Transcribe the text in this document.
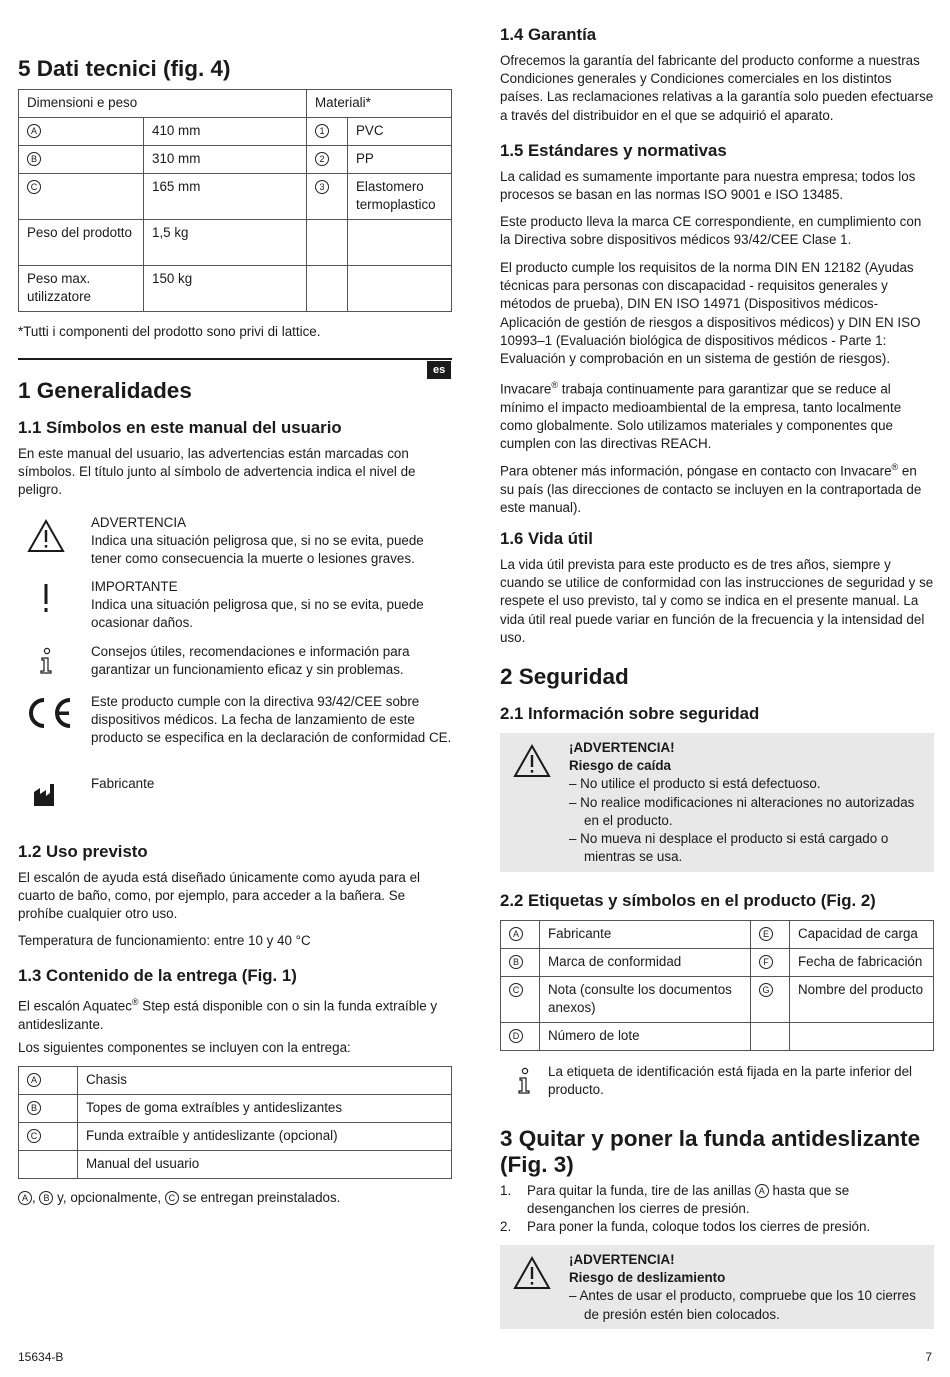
5 Dati tecnici (fig. 4)
Dimensioni e peso		Materiali*	
A	410 mm	1	PVC
B	310 mm	2	PP
C	165 mm	3	Elastomero termoplastico
Peso del prodotto	1,5 kg		
Peso max. utilizzatore	150 kg		

*Tutti i componenti del prodotto sono privi di lattice.

es
1 Generalidades
1.1 Símbolos en este manual del usuario

En este manual del usuario, las advertencias están marcadas con símbolos. El título junto al símbolo de advertencia indica el nivel de peligro.

ADVERTENCIA

Indica una situación peligrosa que, si no se evita, puede tener como consecuencia la muerte o lesiones graves.

IMPORTANTE

Indica una situación peligrosa que, si no se evita, puede ocasionar daños.

Consejos útiles, recomendaciones e información para garantizar un funcionamiento eficaz y sin problemas.

Este producto cumple con la directiva 93/42/CEE sobre dispositivos médicos. La fecha de lanzamiento de este producto se especifica en la declaración de conformidad CE.

Fabricante

1.2 Uso previsto

El escalón de ayuda está diseñado únicamente como ayuda para el cuarto de baño, como, por ejemplo, para acceder a la bañera. Se prohíbe cualquier otro uso.

Temperatura de funcionamiento: entre 10 y 40 °C

1.3 Contenido de la entrega (Fig. 1)

El escalón Aquatec® Step está disponible con o sin la funda extraíble y antideslizante.

Los siguientes componentes se incluyen con la entrega:

A	Chasis
B	Topes de goma extraíbles y antideslizantes
C	Funda extraíble y antideslizante (opcional)
	Manual del usuario

A , B y, opcionalmente, C se entregan preinstalados.

15634-B
1.4 Garantía

Ofrecemos la garantía del fabricante del producto conforme a nuestras Condiciones generales y Condiciones comerciales en los distintos países. Las reclamaciones relativas a la garantía solo pueden efectuarse a través del distribuidor en el que se adquirió el aparato.

1.5 Estándares y normativas

La calidad es sumamente importante para nuestra empresa; todos los procesos se basan en las normas ISO 9001 e ISO 13485.

Este producto lleva la marca CE correspondiente, en cumplimiento con la Directiva sobre dispositivos médicos 93/42/CEE Clase 1.

El producto cumple los requisitos de la norma DIN EN 12182 (Ayudas técnicas para personas con discapacidad - requisitos generales y métodos de prueba), DIN EN ISO 14971 (Dispositivos médicos-Aplicación de gestión de riesgos a dispositivos médicos) y DIN EN ISO 10993–1 (Evaluación biológica de dispositivos médicos - Parte 1: Evaluación y comprobación en un sistema de gestión de riesgos).

Invacare® trabaja continuamente para garantizar que se reduce al mínimo el impacto medioambiental de la empresa, tanto localmente como globalmente. Solo utilizamos materiales y componentes que cumplen con las directivas REACH.

Para obtener más información, póngase en contacto con Invacare® en su país (las direcciones de contacto se incluyen en la contraportada de este manual).

1.6 Vida útil

La vida útil prevista para este producto es de tres años, siempre y cuando se utilice de conformidad con las instrucciones de seguridad y se respete el uso previsto, tal y como se indica en el presente manual. La vida útil real puede variar en función de la frecuencia y la intensidad del uso.

2 Seguridad
2.1 Información sobre seguridad

¡ADVERTENCIA!

Riesgo de caída

– No utilice el producto si está defectuoso.
– No realice modificaciones ni alteraciones no autorizadas en el producto.
– No mueva ni desplace el producto si está cargado o mientras se usa.
2.2 Etiquetas y símbolos en el producto (Fig. 2)
A	Fabricante	E	Capacidad de carga
B	Marca de conformidad	F	Fecha de fabricación
C	Nota (consulte los documentos anexos)	G	Nombre del producto
D	Número de lote		

La etiqueta de identificación está fijada en la parte inferior del producto.

3 Quitar y poner la funda antideslizante (Fig. 3)
1. Para quitar la funda, tire de las anillas A hasta que se desenganchen los cierres de presión.
2. Para poner la funda, coloque todos los cierres de presión.

¡ADVERTENCIA!

Riesgo de deslizamiento

– Antes de usar el producto, compruebe que los 10 cierres de presión estén bien colocados.
7
